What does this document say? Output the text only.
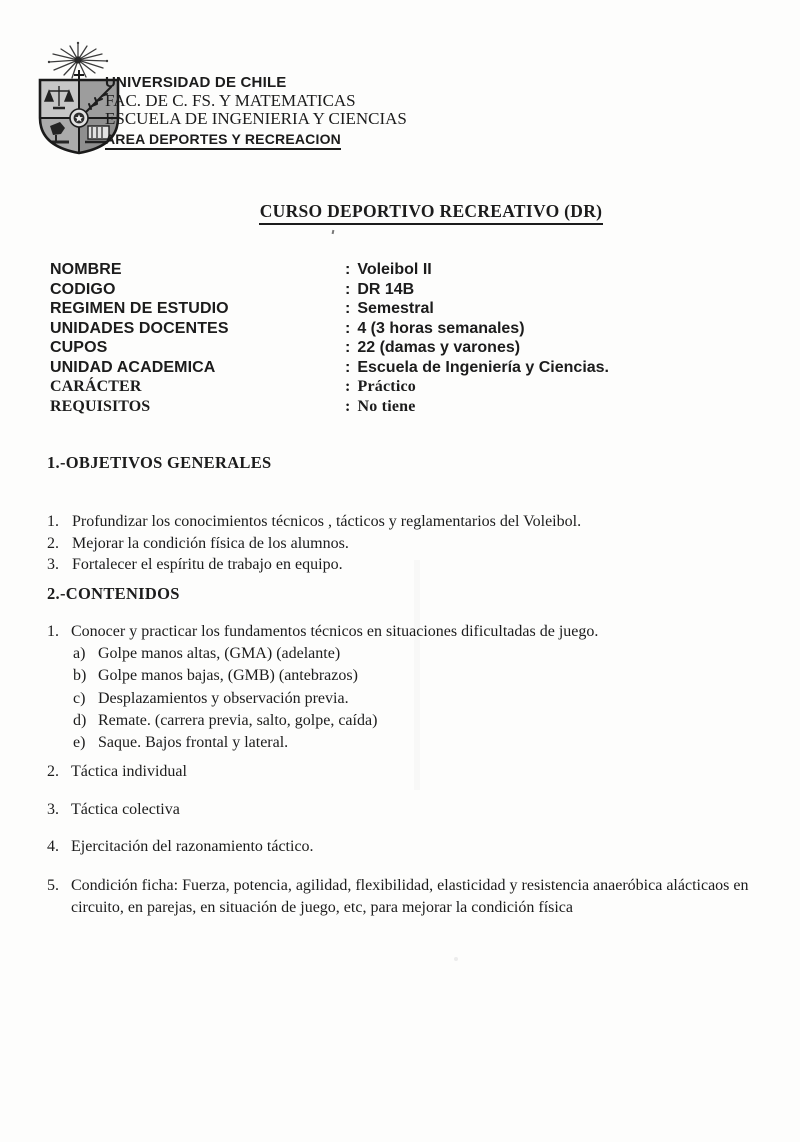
UNIVERSIDAD DE CHILE
FAC. DE C. FS. Y MATEMATICAS
ESCUELA DE INGENIERIA Y CIENCIAS
AREA DEPORTES Y RECREACION
CURSO DEPORTIVO RECREATIVO (DR)
NOMBRE	: Voleibol II
CODIGO	: DR 14B
REGIMEN DE ESTUDIO	: Semestral
UNIDADES DOCENTES	: 4 (3 horas semanales)
CUPOS	: 22 (damas y varones)
UNIDAD ACADEMICA	: Escuela de Ingeniería y Ciencias.
CARÁCTER	: Práctico
REQUISITOS	: No tiene
1.-OBJETIVOS GENERALES
1. Profundizar los conocimientos técnicos , tácticos y reglamentarios del Voleibol.
2. Mejorar la condición física de los alumnos.
3. Fortalecer el espíritu de trabajo en equipo.
2.-CONTENIDOS
1. Conocer y practicar los fundamentos técnicos en situaciones dificultadas de juego.
a) Golpe manos altas, (GMA) (adelante)
b) Golpe manos bajas, (GMB) (antebrazos)
c) Desplazamientos y observación previa.
d) Remate. (carrera previa, salto, golpe, caída)
e) Saque. Bajos frontal y lateral.
2. Táctica individual
3. Táctica colectiva
4. Ejercitación del razonamiento táctico.
5. Condición ficha: Fuerza, potencia, agilidad, flexibilidad, elasticidad y resistencia anaeróbica alácticaos en circuito, en parejas, en situación de juego, etc, para mejorar la condición física
